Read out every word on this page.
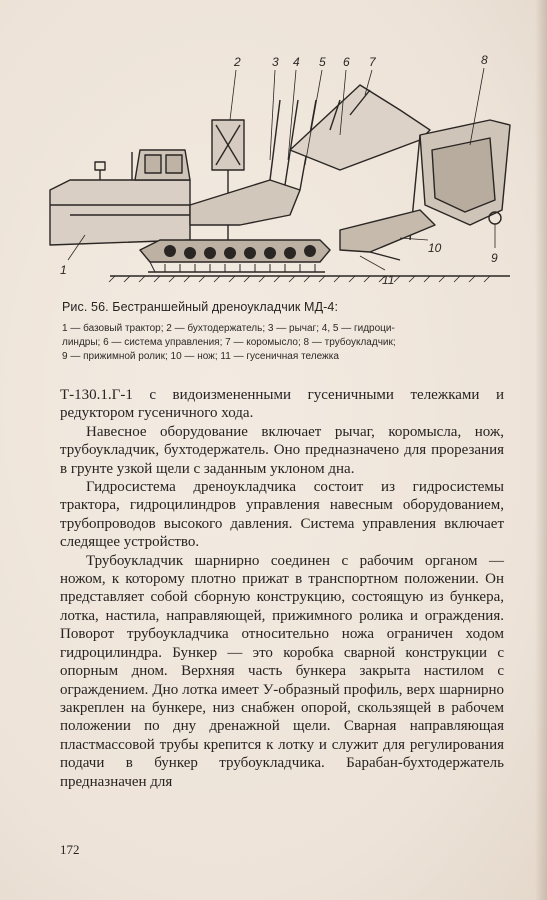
1
2	3 4 5 6 7	8
9
10
11
Рис. 56. Бестраншейный дреноукладчик МД-4:

1 — базовый трактор; 2 — бухтодержатель; 3 — рычаг; 4, 5 — гидроци-

линдры; 6 — система управления; 7 — коромысло; 8 — трубоукладчик;

9 — прижимной ролик; 10 — нож; 11 — гусеничная тележка

Т-130.1.Г-1 с видоизмененными гусеничными тележками и редуктором гусеничного хода.

Навесное оборудование включает рычаг, коромысла, нож, трубоукладчик, бухтодержатель. Оно предназначено для прорезания в грунте узкой щели с заданным уклоном дна.

Гидросистема дреноукладчика состоит из гидросистемы трактора, гидроцилиндров управления навесным оборудованием, трубопроводов высокого давления. Система управления включает следящее устройство.

Трубоукладчик шарнирно соединен с рабочим органом — ножом, к которому плотно прижат в транспортном положении. Он представляет собой сборную конструкцию, состоящую из бункера, лотка, настила, направляющей, прижимного ролика и ограждения. Поворот трубоукладчика относительно ножа ограничен ходом гидроцилиндра. Бункер — это коробка сварной конструкции с опорным дном. Верхняя часть бункера закрыта настилом с ограждением. Дно лотка имеет У-образный профиль, верх шарнирно закреплен на бункере, низ снабжен опорой, скользящей в рабочем положении по дну дренажной щели. Сварная направляющая пластмассовой трубы крепится к лотку и служит для регулирования подачи в бункер трубоукладчика. Барабан-бухтодержатель предназначен для

172
